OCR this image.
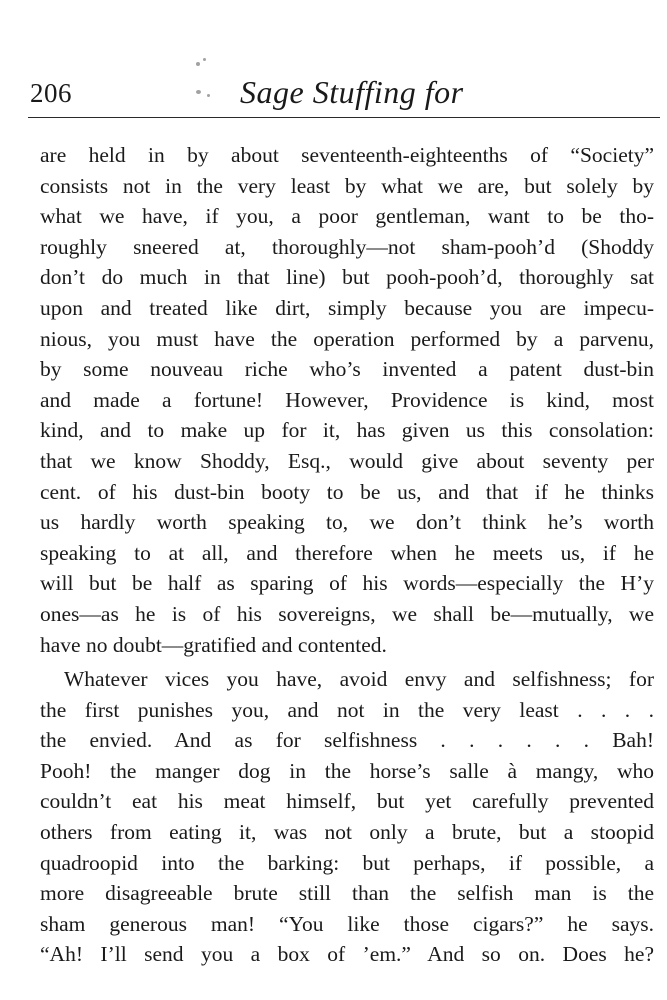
206	Sage Stuffing for
are held in by about seventeenth-eighteenths of “Society”
consists not in the very least by what we are, but solely by
what we have, if you, a poor gentleman, want to be tho-
roughly sneered at, thoroughly—not sham-pooh’d (Shoddy
don’t do much in that line) but pooh-pooh’d, thoroughly sat
upon and treated like dirt, simply because you are impecu-
nious, you must have the operation performed by a parvenu,
by some nouveau riche who’s invented a patent dust-bin
and made a fortune! However, Providence is kind, most
kind, and to make up for it, has given us this consolation:
that we know Shoddy, Esq., would give about seventy per
cent. of his dust-bin booty to be us, and that if he thinks
us hardly worth speaking to, we don’t think he’s worth
speaking to at all, and therefore when he meets us, if he
will but be half as sparing of his words—especially the H’y
ones—as he is of his sovereigns, we shall be—mutually, we
have no doubt—gratified and contented.
Whatever vices you have, avoid envy and selfishness; for
the first punishes you, and not in the very least . . . .
the envied. And as for selfishness . . . . . . Bah!
Pooh! the manger dog in the horse’s salle à mangy, who
couldn’t eat his meat himself, but yet carefully prevented
others from eating it, was not only a brute, but a stoopid
quadroopid into the barking: but perhaps, if possible, a
more disagreeable brute still than the selfish man is the
sham generous man! “You like those cigars?” he says.
“Ah! I’ll send you a box of ’em.” And so on. Does he?
